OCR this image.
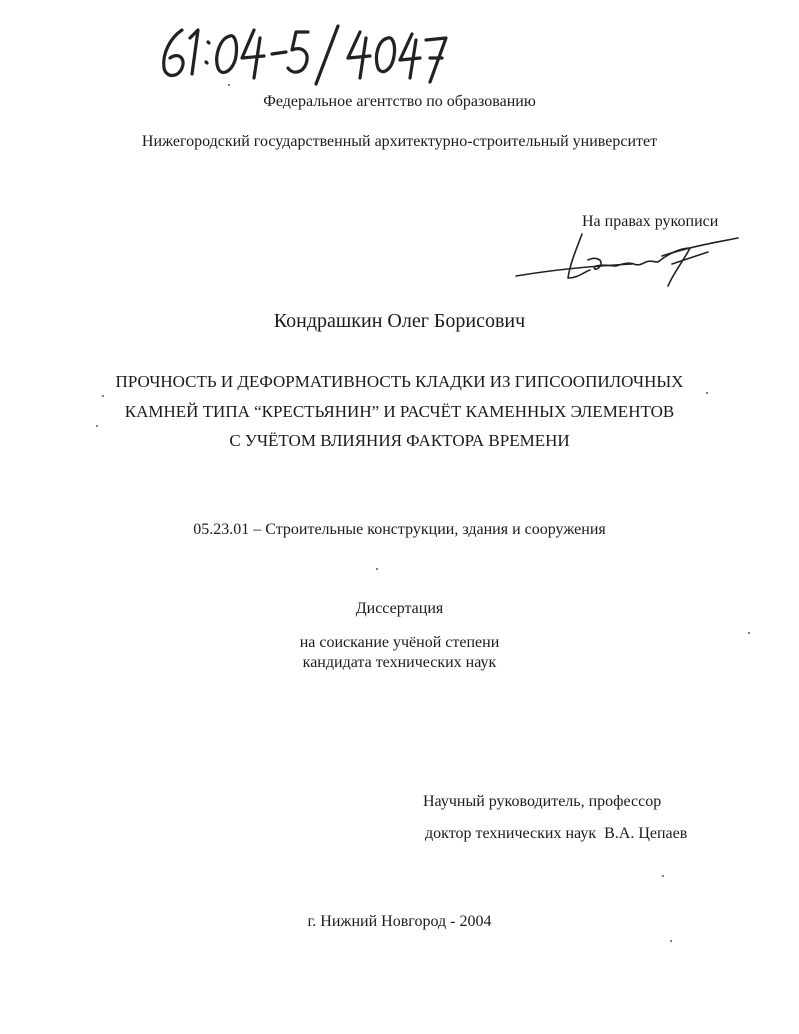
Федеральное агентство по образованию
Нижегородский государственный архитектурно-строительный университет
На правах рукописи
Кондрашкин Олег Борисович
ПРОЧНОСТЬ И ДЕФОРМАТИВНОСТЬ КЛАДКИ ИЗ ГИПСООПИЛОЧНЫХ
КАМНЕЙ ТИПА “КРЕСТЬЯНИН” И РАСЧЁТ КАМЕННЫХ ЭЛЕМЕНТОВ
С УЧЁТОМ ВЛИЯНИЯ ФАКТОРА ВРЕМЕНИ
05.23.01 – Строительные конструкции, здания и сооружения
Диссертация
на соискание учёной степени
кандидата технических наук
Научный руководитель, профессор
доктор технических наук  В.А. Цепаев
г. Нижний Новгород - 2004
